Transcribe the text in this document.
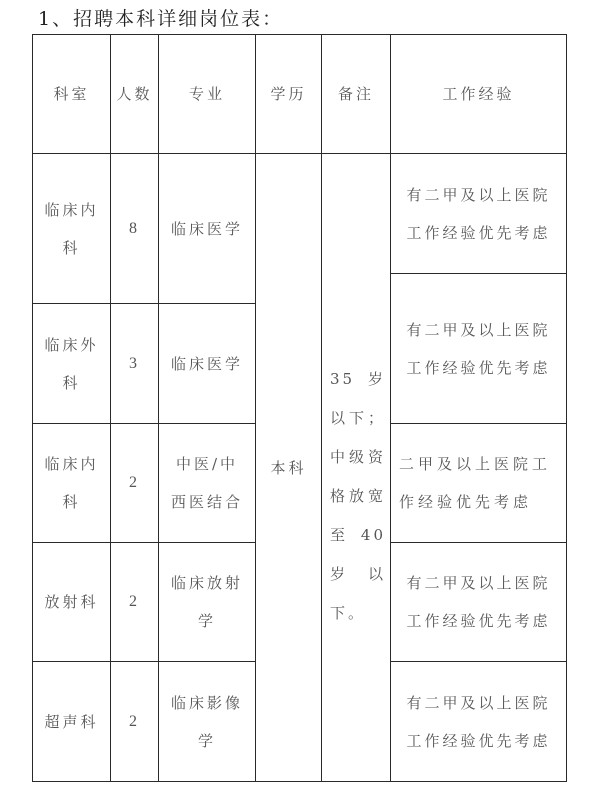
1、招聘本科详细岗位表：
科室 人数 专业	学历 备注	工作经验
临床内科
8 临床医学
有二甲及以上医院工作经验优先考虑
临床外科
3 临床医学
有二甲及以上医院工作经验优先考虑
临床内科
2
中医/中西医结合
二甲及以上医院工作经验优先考虑
放射科 2
临床放射学
有二甲及以上医院工作经验优先考虑
超声科 2
临床影像学
有二甲及以上医院工作经验优先考虑
本科
35 岁以下；中级资格放宽至40 岁以下。
